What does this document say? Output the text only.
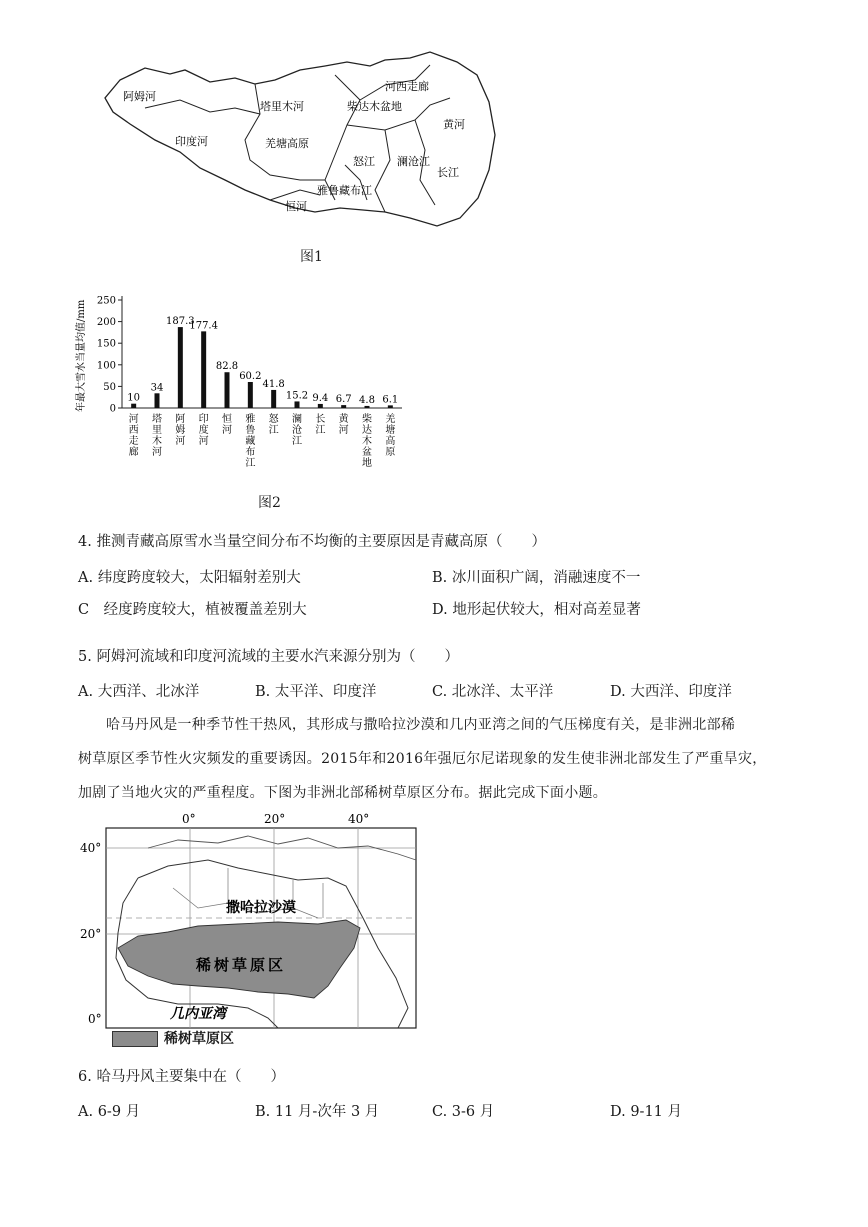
阿姆河
塔里木河
河西走廊
柴达木盆地
黄河
印度河	羌塘高原
怒江 澜沧江
长江
雅鲁藏布江
恒河
图1
年最大雪水当量均值/mm 0
50
100
150
200
250
10
河西走廊
34
塔里木河
187.3
阿姆河
177.4
印度河
82.8
恒河
60.2
雅鲁藏布江
41.8
怒江
15.2
澜沧江
9.4
长江
6.7
黄河
4.8
柴达木盆地
6.1
羌塘高原
图2
4. 推测青藏高原雪水当量空间分布不均衡的主要原因是青藏高原（　　）
A. 纬度跨度较大，太阳辐射差别大	B. 冰川面积广阔，消融速度不一
C　经度跨度较大，植被覆盖差别大	D. 地形起伏较大，相对高差显著
5. 阿姆河流域和印度河流域的主要水汽来源分别为（　　）
A. 大西洋、北冰洋	B. 太平洋、印度洋	C. 北冰洋、太平洋	D. 大西洋、印度洋
哈马丹风是一种季节性干热风，其形成与撒哈拉沙漠和几内亚湾之间的气压梯度有关，是非洲北部稀
树草原区季节性火灾频发的重要诱因。2015年和2016年强厄尔尼诺现象的发生使非洲北部发生了严重旱灾，
加剧了当地火灾的严重程度。下图为非洲北部稀树草原区分布。据此完成下面小题。
0°	20°	40°
40°
20°
0°
撒哈拉沙漠
稀树草原区
几内亚湾
稀树草原区
6. 哈马丹风主要集中在（　　）
A. 6-9 月	B. 11 月-次年 3 月	C. 3-6 月	D. 9-11 月
